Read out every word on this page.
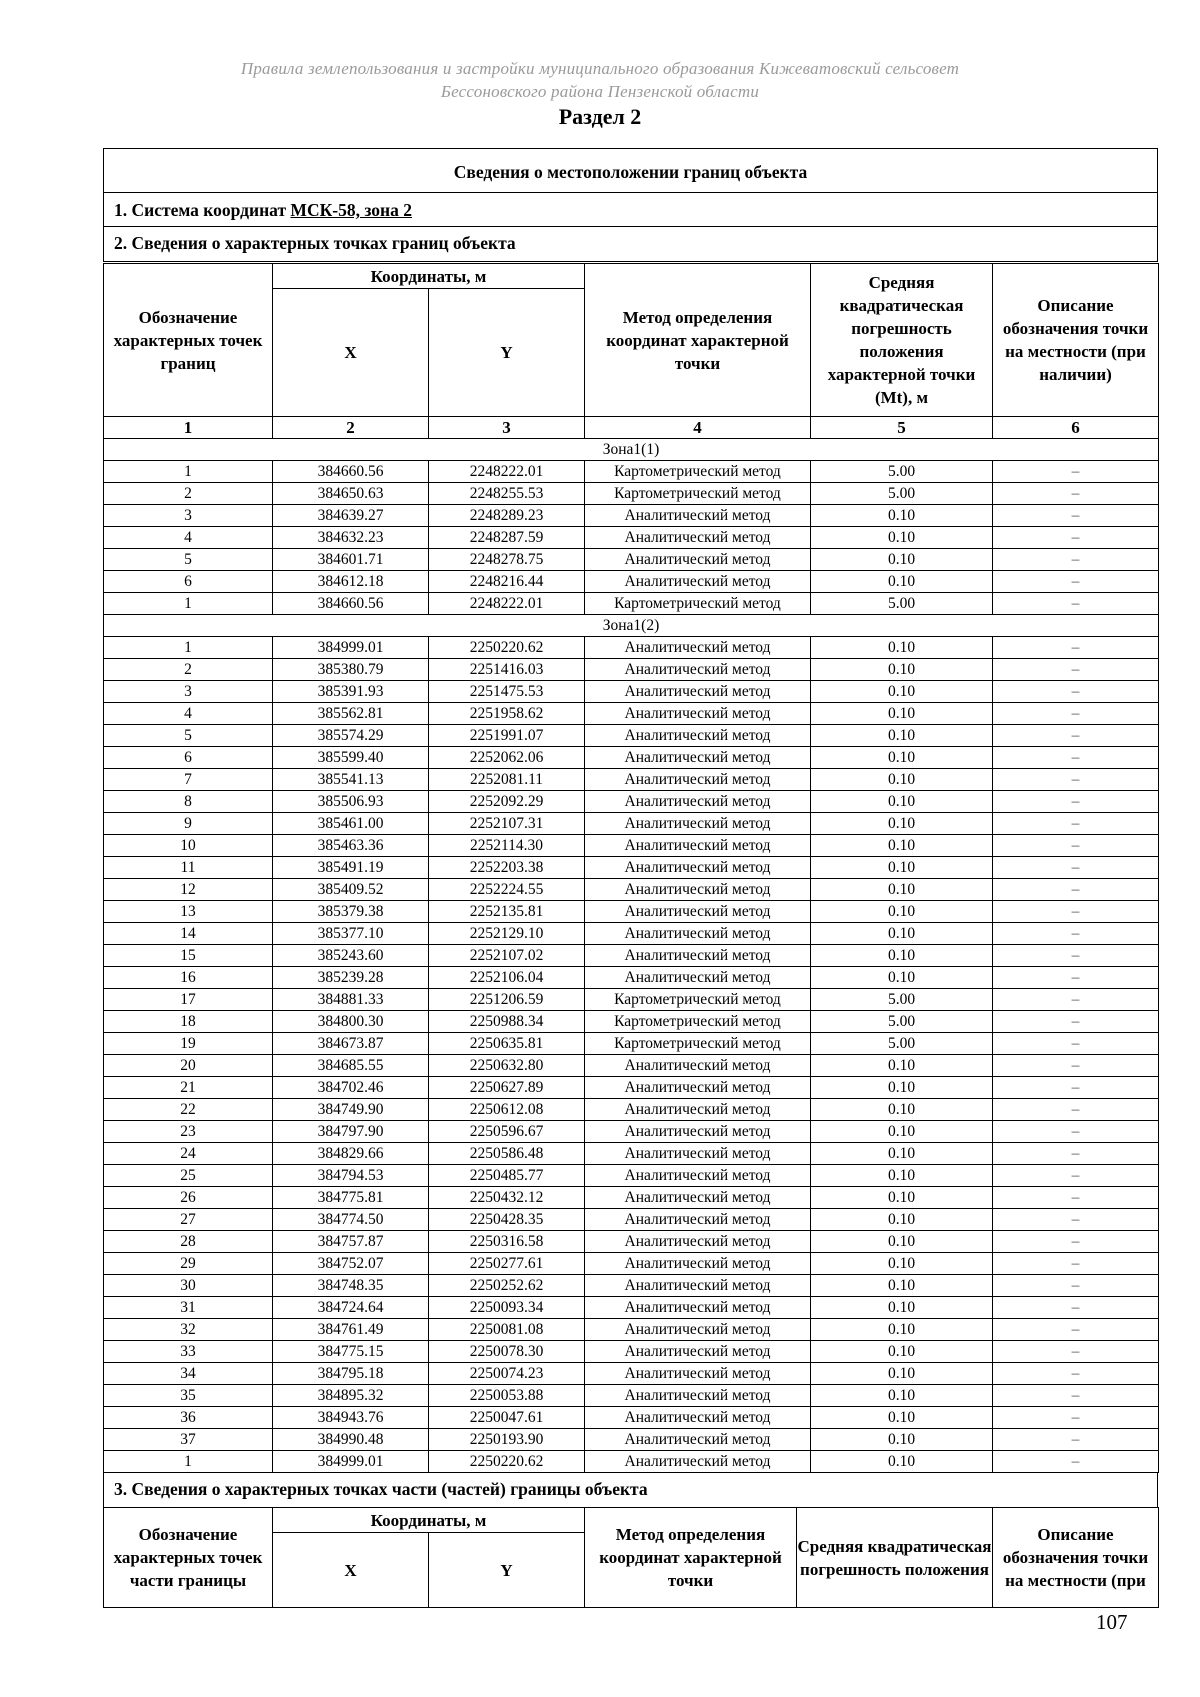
Правила землепользования и застройки муниципального образования Кижеватовский сельсовет
Бессоновского района Пензенской области
Раздел 2
Сведения о местоположении границ объекта
1. Система координат МСК-58, зона 2
2. Сведения о характерных точках границ объекта
Обозначение характерных точек границ	Координаты, м		Метод определения координат характерной точки	Средняя квадратическая погрешность положения характерной точки (Мt), м	Описание обозначения точки на местности (при наличии)
	X	Y			
1	2	3	4	5	6
Зона1(1)					
1	384660.56	2248222.01	Картометрический метод	5.00	–
2	384650.63	2248255.53	Картометрический метод	5.00	–
3	384639.27	2248289.23	Аналитический метод	0.10	–
4	384632.23	2248287.59	Аналитический метод	0.10	–
5	384601.71	2248278.75	Аналитический метод	0.10	–
6	384612.18	2248216.44	Аналитический метод	0.10	–
1	384660.56	2248222.01	Картометрический метод	5.00	–
Зона1(2)					
1	384999.01	2250220.62	Аналитический метод	0.10	–
2	385380.79	2251416.03	Аналитический метод	0.10	–
3	385391.93	2251475.53	Аналитический метод	0.10	–
4	385562.81	2251958.62	Аналитический метод	0.10	–
5	385574.29	2251991.07	Аналитический метод	0.10	–
6	385599.40	2252062.06	Аналитический метод	0.10	–
7	385541.13	2252081.11	Аналитический метод	0.10	–
8	385506.93	2252092.29	Аналитический метод	0.10	–
9	385461.00	2252107.31	Аналитический метод	0.10	–
10	385463.36	2252114.30	Аналитический метод	0.10	–
11	385491.19	2252203.38	Аналитический метод	0.10	–
12	385409.52	2252224.55	Аналитический метод	0.10	–
13	385379.38	2252135.81	Аналитический метод	0.10	–
14	385377.10	2252129.10	Аналитический метод	0.10	–
15	385243.60	2252107.02	Аналитический метод	0.10	–
16	385239.28	2252106.04	Аналитический метод	0.10	–
17	384881.33	2251206.59	Картометрический метод	5.00	–
18	384800.30	2250988.34	Картометрический метод	5.00	–
19	384673.87	2250635.81	Картометрический метод	5.00	–
20	384685.55	2250632.80	Аналитический метод	0.10	–
21	384702.46	2250627.89	Аналитический метод	0.10	–
22	384749.90	2250612.08	Аналитический метод	0.10	–
23	384797.90	2250596.67	Аналитический метод	0.10	–
24	384829.66	2250586.48	Аналитический метод	0.10	–
25	384794.53	2250485.77	Аналитический метод	0.10	–
26	384775.81	2250432.12	Аналитический метод	0.10	–
27	384774.50	2250428.35	Аналитический метод	0.10	–
28	384757.87	2250316.58	Аналитический метод	0.10	–
29	384752.07	2250277.61	Аналитический метод	0.10	–
30	384748.35	2250252.62	Аналитический метод	0.10	–
31	384724.64	2250093.34	Аналитический метод	0.10	–
32	384761.49	2250081.08	Аналитический метод	0.10	–
33	384775.15	2250078.30	Аналитический метод	0.10	–
34	384795.18	2250074.23	Аналитический метод	0.10	–
35	384895.32	2250053.88	Аналитический метод	0.10	–
36	384943.76	2250047.61	Аналитический метод	0.10	–
37	384990.48	2250193.90	Аналитический метод	0.10	–
1	384999.01	2250220.62	Аналитический метод	0.10	–
3. Сведения о характерных точках части (частей) границы объекта
Обозначение характерных точек части границы	Координаты, м		Метод определения координат характерной точки	Средняя квадратическая погрешность положения	Описание обозначения точки на местности (при
	X	Y			
107
